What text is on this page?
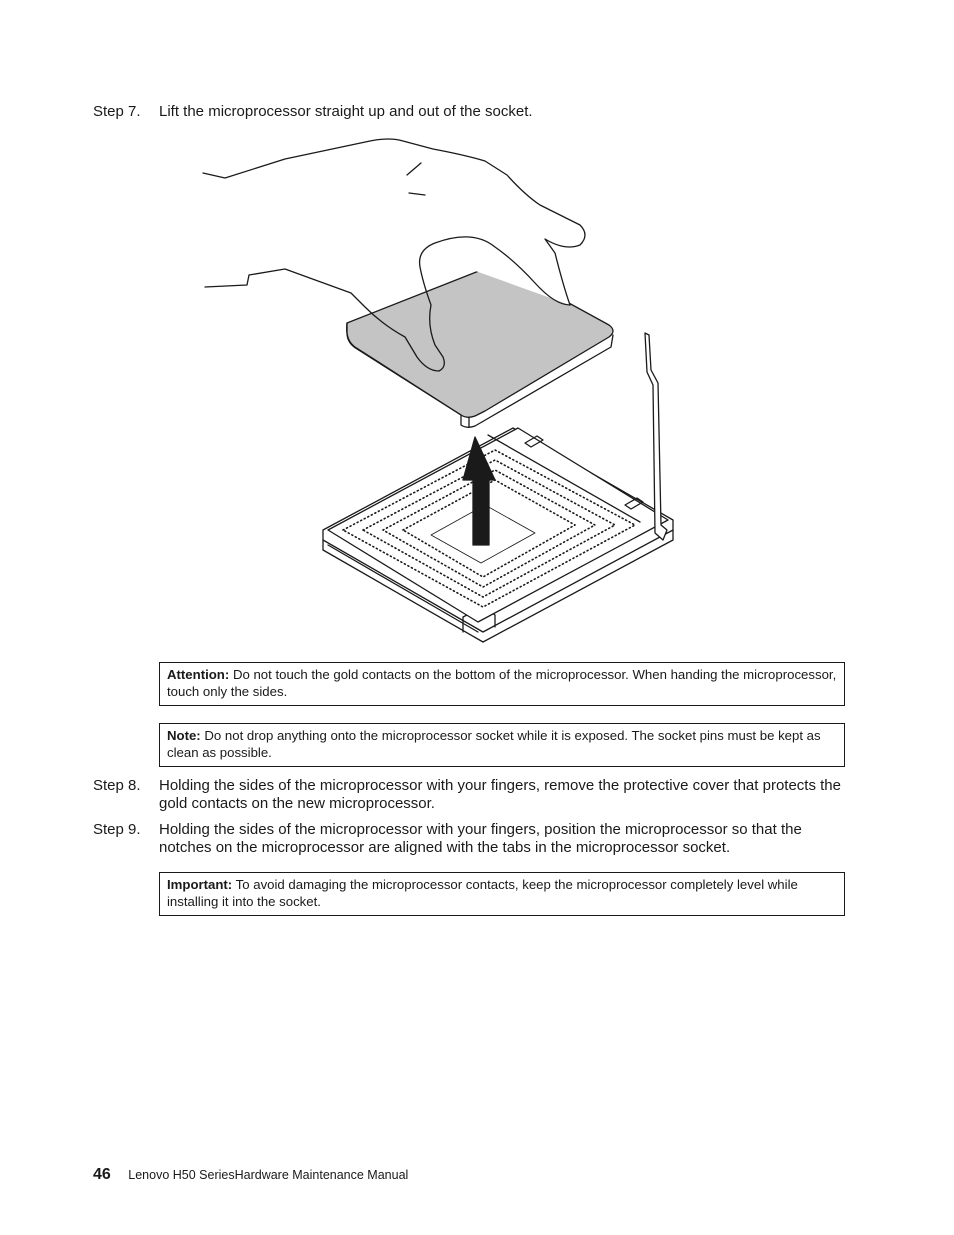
Step 7. Lift the microprocessor straight up and out of the socket.
Attention: Do not touch the gold contacts on the bottom of the microprocessor. When handing the microprocessor, touch only the sides.
Note: Do not drop anything onto the microprocessor socket while it is exposed. The socket pins must be kept as clean as possible.
Step 8. Holding the sides of the microprocessor with your fingers, remove the protective cover that protects the gold contacts on the new microprocessor.
Step 9. Holding the sides of the microprocessor with your fingers, position the microprocessor so that the notches on the microprocessor are aligned with the tabs in the microprocessor socket.
Important: To avoid damaging the microprocessor contacts, keep the microprocessor completely level while installing it into the socket.
46 Lenovo H50 SeriesHardware Maintenance Manual
